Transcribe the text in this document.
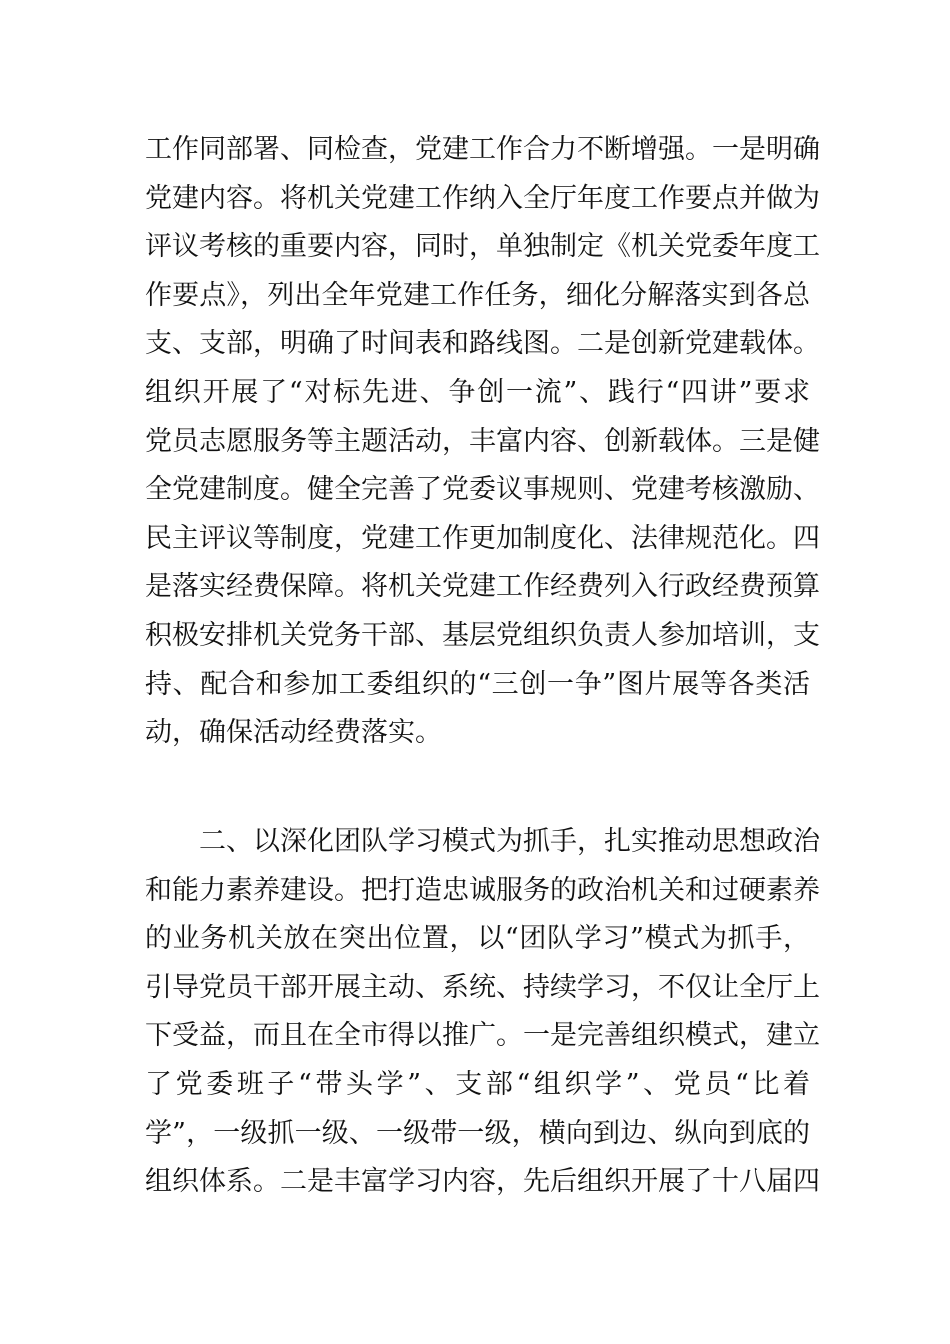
工作同部署、同检查，党建工作合力不断增强。一是明确
党建内容。将机关党建工作纳入全厅年度工作要点并做为
评议考核的重要内容，同时，单独制定《机关党委年度工
作要点》，列出全年党建工作任务，细化分解落实到各总
支、支部，明确了时间表和路线图。二是创新党建载体。
组织开展了“对标先进、争创一流”、践行“四讲”要求
党员志愿服务等主题活动，丰富内容、创新载体。三是健
全党建制度。健全完善了党委议事规则、党建考核激励、
民主评议等制度，党建工作更加制度化、法律规范化。四
是落实经费保障。将机关党建工作经费列入行政经费预算
积极安排机关党务干部、基层党组织负责人参加培训，支
持、配合和参加工委组织的“三创一争”图片展等各类活
动，确保活动经费落实。
　　二、以深化团队学习模式为抓手，扎实推动思想政治
和能力素养建设。把打造忠诚服务的政治机关和过硬素养
的业务机关放在突出位置，以“团队学习”模式为抓手，
引导党员干部开展主动、系统、持续学习，不仅让全厅上
下受益，而且在全市得以推广。一是完善组织模式，建立
了党委班子“带头学”、支部“组织学”、党员“比着
学”，一级抓一级、一级带一级，横向到边、纵向到底的
组织体系。二是丰富学习内容，先后组织开展了十八届四
